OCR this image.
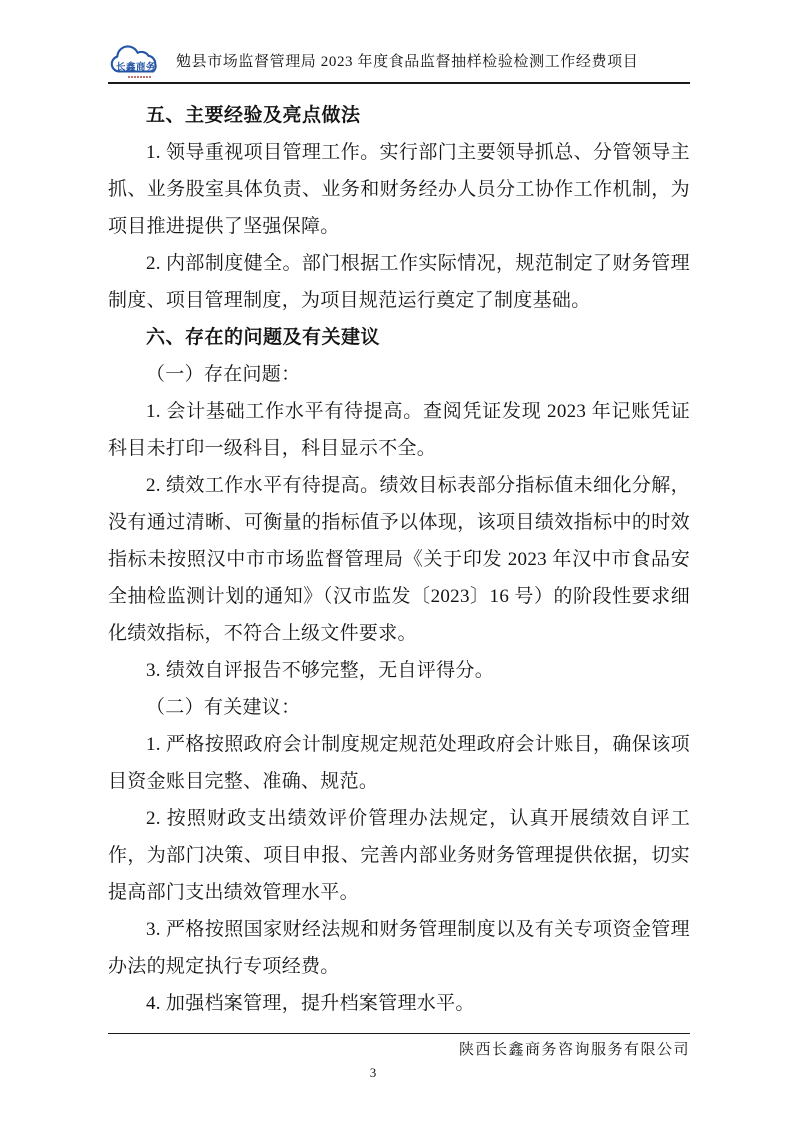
长鑫商务 勉县市场监督管理局 2023 年度食品监督抽样检验检测工作经费项目
五、主要经验及亮点做法

1. 领导重视项目管理工作。实行部门主要领导抓总、分管领导主抓、业务股室具体负责、业务和财务经办人员分工协作工作机制，为项目推进提供了坚强保障。

2. 内部制度健全。部门根据工作实际情况，规范制定了财务管理制度、项目管理制度，为项目规范运行奠定了制度基础。

六、存在的问题及有关建议

（一）存在问题：

1. 会计基础工作水平有待提高。查阅凭证发现 2023 年记账凭证科目未打印一级科目，科目显示不全。

2. 绩效工作水平有待提高。绩效目标表部分指标值未细化分解，没有通过清晰、可衡量的指标值予以体现，该项目绩效指标中的时效指标未按照汉中市市场监督管理局《关于印发 2023 年汉中市食品安全抽检监测计划的通知》（汉市监发〔2023〕16 号）的阶段性要求细化绩效指标，不符合上级文件要求。

3. 绩效自评报告不够完整，无自评得分。

（二）有关建议：

1. 严格按照政府会计制度规定规范处理政府会计账目，确保该项目资金账目完整、准确、规范。

2. 按照财政支出绩效评价管理办法规定，认真开展绩效自评工作，为部门决策、项目申报、完善内部业务财务管理提供依据，切实提高部门支出绩效管理水平。

3. 严格按照国家财经法规和财务管理制度以及有关专项资金管理办法的规定执行专项经费。

4. 加强档案管理，提升档案管理水平。

陕西长鑫商务咨询服务有限公司
3
